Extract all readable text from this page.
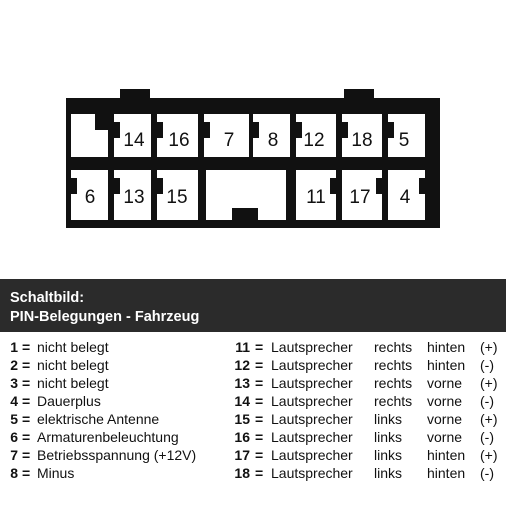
14 16 7 8 12 18 5
6 13 15	11 17 4
Schaltbild:
PIN-Belegungen - Fahrzeug
1 = nicht belegt
2 = nicht belegt
3 = nicht belegt
4 = Dauerplus
5 = elektrische Antenne
6 = Armaturenbeleuchtung
7 = Betriebsspannung (+12V)
8 = Minus
11 = Lautsprecher rechts hinten (+)
12 = Lautsprecher rechts hinten (-)
13 = Lautsprecher rechts vorne (+)
14 = Lautsprecher rechts vorne (-)
15 = Lautsprecher links vorne (+)
16 = Lautsprecher links vorne (-)
17 = Lautsprecher links hinten (+)
18 = Lautsprecher links hinten (-)
